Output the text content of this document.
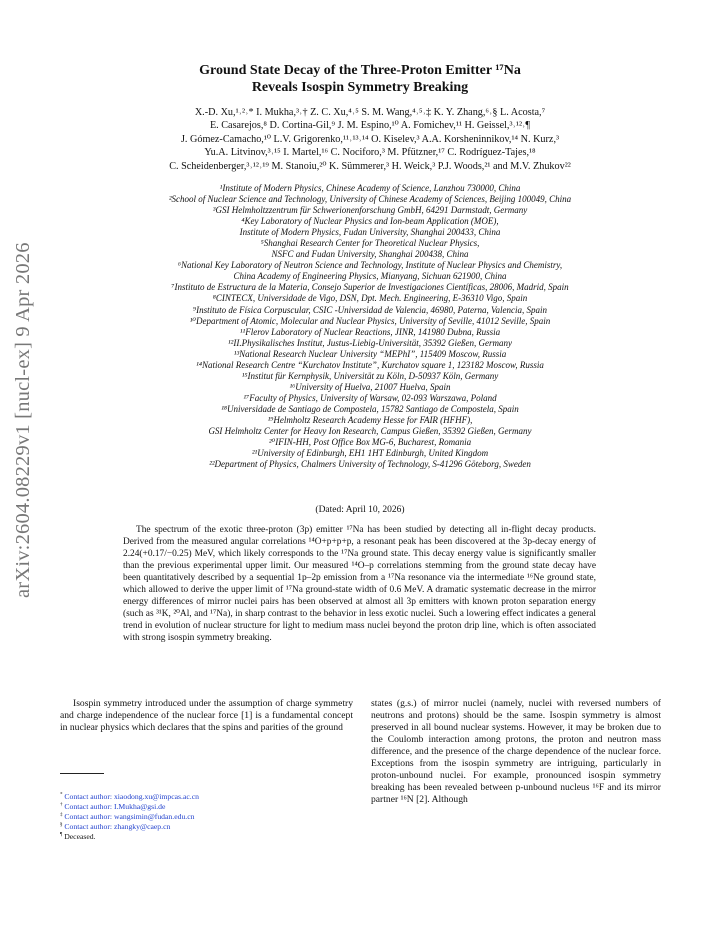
arXiv:2604.08229v1 [nucl-ex] 9 Apr 2026
Ground State Decay of the Three-Proton Emitter ¹⁷Na
Reveals Isospin Symmetry Breaking
X.-D. Xu,¹˒²˒* I. Mukha,³˒† Z. C. Xu,⁴˒⁵ S. M. Wang,⁴˒⁵˒‡ K. Y. Zhang,⁶˒§ L. Acosta,⁷
E. Casarejos,⁸ D. Cortina-Gil,⁹ J. M. Espino,¹⁰ A. Fomichev,¹¹ H. Geissel,³˒¹²˒¶
J. Gómez-Camacho,¹⁰ L.V. Grigorenko,¹¹˒¹³˒¹⁴ O. Kiselev,³ A.A. Korsheninnikov,¹⁴ N. Kurz,³
Yu.A. Litvinov,³˒¹⁵ I. Martel,¹⁶ C. Nociforo,³ M. Pfützner,¹⁷ C. Rodríguez-Tajes,¹⁸
C. Scheidenberger,³˒¹²˒¹⁹ M. Stanoiu,²⁰ K. Sümmerer,³ H. Weick,³ P.J. Woods,²¹ and M.V. Zhukov²²
¹Institute of Modern Physics, Chinese Academy of Science, Lanzhou 730000, China
²School of Nuclear Science and Technology, University of Chinese Academy of Sciences, Beijing 100049, China
³GSI Helmholtzzentrum für Schwerionenforschung GmbH, 64291 Darmstadt, Germany
⁴Key Laboratory of Nuclear Physics and Ion-beam Application (MOE),
Institute of Modern Physics, Fudan University, Shanghai 200433, China
⁵Shanghai Research Center for Theoretical Nuclear Physics,
NSFC and Fudan University, Shanghai 200438, China
⁶National Key Laboratory of Neutron Science and Technology, Institute of Nuclear Physics and Chemistry,
China Academy of Engineering Physics, Mianyang, Sichuan 621900, China
⁷Instituto de Estructura de la Materia, Consejo Superior de Investigaciones Científicas, 28006, Madrid, Spain
⁸CINTECX, Universidade de Vigo, DSN, Dpt. Mech. Engineering, E-36310 Vigo, Spain
⁹Instituto de Física Corpuscular, CSIC -Universidad de Valencia, 46980, Paterna, Valencia, Spain
¹⁰Department of Atomic, Molecular and Nuclear Physics, University of Seville, 41012 Seville, Spain
¹¹Flerov Laboratory of Nuclear Reactions, JINR, 141980 Dubna, Russia
¹²II.Physikalisches Institut, Justus-Liebig-Universität, 35392 Gießen, Germany
¹³National Research Nuclear University “MEPhI”, 115409 Moscow, Russia
¹⁴National Research Centre “Kurchatov Institute”, Kurchatov square 1, 123182 Moscow, Russia
¹⁵Institut für Kernphysik, Universität zu Köln, D-50937 Köln, Germany
¹⁶University of Huelva, 21007 Huelva, Spain
¹⁷Faculty of Physics, University of Warsaw, 02-093 Warszawa, Poland
¹⁸Universidade de Santiago de Compostela, 15782 Santiago de Compostela, Spain
¹⁹Helmholtz Research Academy Hesse for FAIR (HFHF),
GSI Helmholtz Center for Heavy Ion Research, Campus Gießen, 35392 Gießen, Germany
²⁰IFIN-HH, Post Office Box MG-6, Bucharest, Romania
²¹University of Edinburgh, EH1 1HT Edinburgh, United Kingdom
²²Department of Physics, Chalmers University of Technology, S-41296 Göteborg, Sweden
(Dated: April 10, 2026)

The spectrum of the exotic three-proton (3p) emitter ¹⁷Na has been studied by detecting all in-flight decay products. Derived from the measured angular correlations ¹⁴O+p+p+p, a resonant peak has been discovered at the 3p-decay energy of 2.24(+0.17/−0.25) MeV, which likely corresponds to the ¹⁷Na ground state. This decay energy value is significantly smaller than the previous experimental upper limit. Our measured ¹⁴O–p correlations stemming from the ground state decay have been quantitatively described by a sequential 1p–2p emission from a ¹⁷Na resonance via the intermediate ¹⁶Ne ground state, which allowed to derive the upper limit of ¹⁷Na ground-state width of 0.6 MeV. A dramatic systematic decrease in the mirror energy differences of mirror nuclei pairs has been observed at almost all 3p emitters with known proton separation energy (such as ³¹K, ²⁰Al, and ¹⁷Na), in sharp contrast to the behavior in less exotic nuclei. Such a lowering effect indicates a general trend in evolution of nuclear structure for light to medium mass nuclei beyond the proton drip line, which is often associated with strong isospin symmetry breaking.

Isospin symmetry introduced under the assumption of charge symmetry and charge independence of the nuclear force [1] is a fundamental concept in nuclear physics which declares that the spins and parities of the ground

states (g.s.) of mirror nuclei (namely, nuclei with reversed numbers of neutrons and protons) should be the same. Isospin symmetry is almost preserved in all bound nuclear systems. However, it may be broken due to the Coulomb interaction among protons, the proton and neutron mass difference, and the presence of the charge dependence of the nuclear force. Exceptions from the isospin symmetry are intriguing, particularly in proton-unbound nuclei. For example, pronounced isospin symmetry breaking has been revealed between p-unbound nucleus ¹⁶F and its mirror partner ¹⁶N [2]. Although

* Contact author: xiaodong.xu@impcas.ac.cn
† Contact author: I.Mukha@gsi.de
‡ Contact author: wangsimin@fudan.edu.cn
§ Contact author: zhangky@caep.cn
¶ Deceased.
